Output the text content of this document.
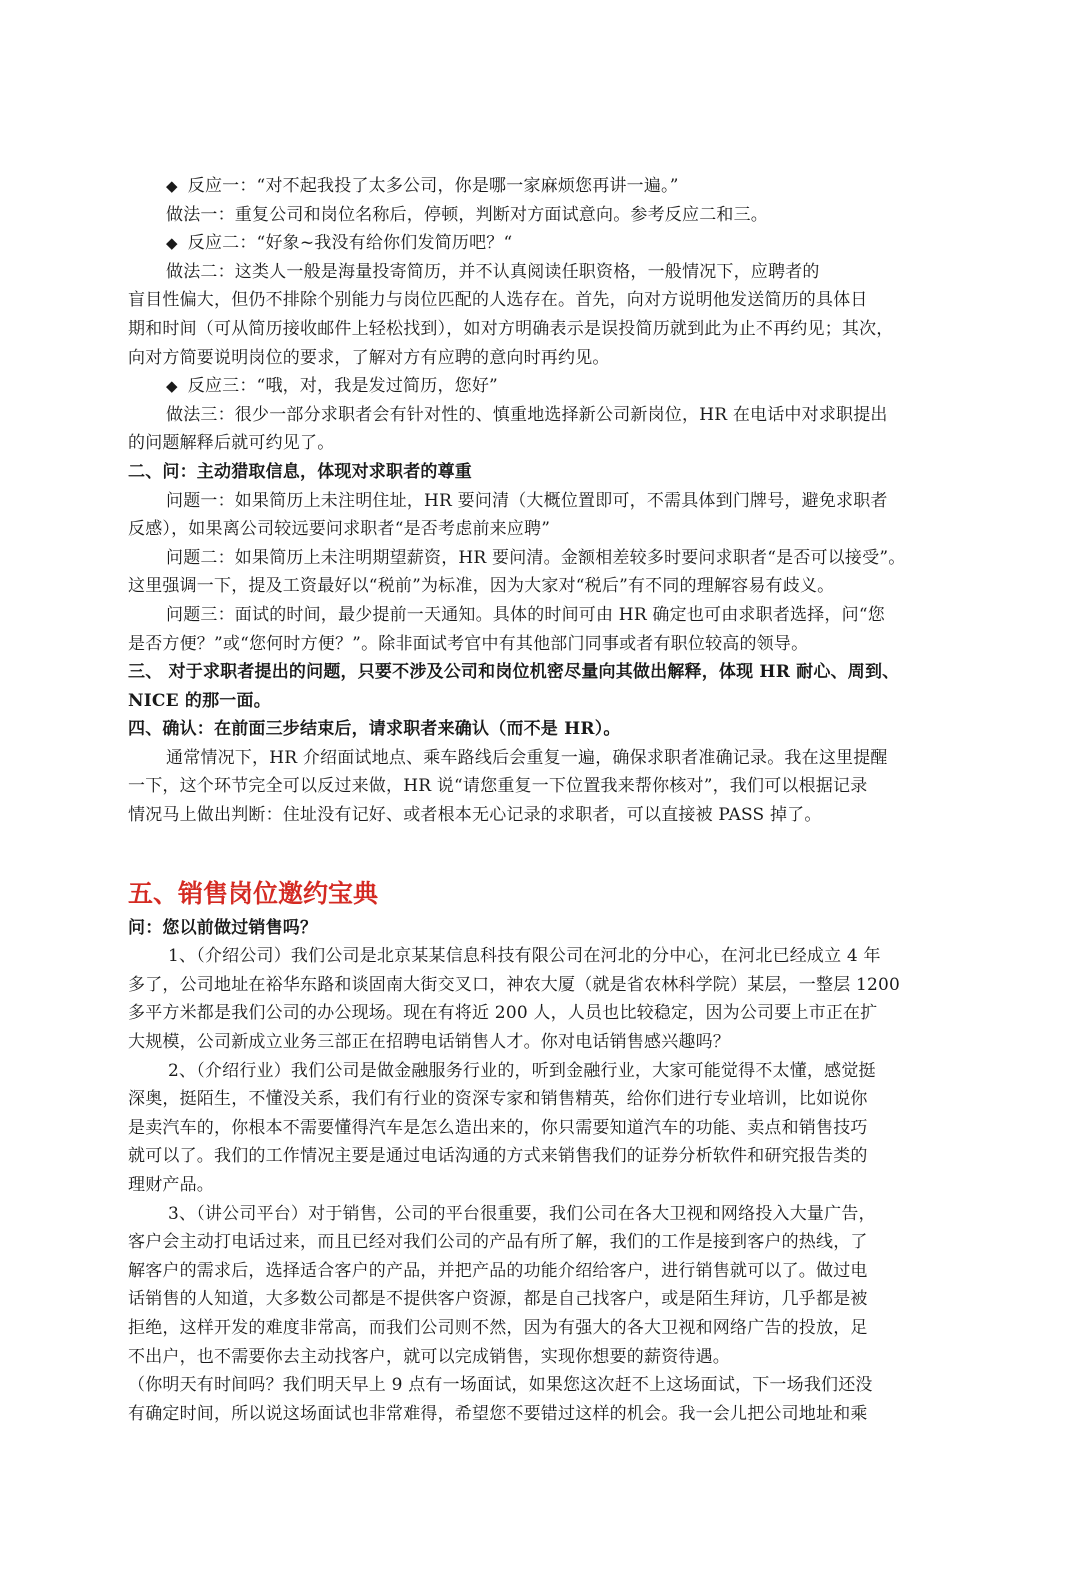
◆ 反应一：“对不起我投了太多公司，你是哪一家麻烦您再讲一遍。”
做法一：重复公司和岗位名称后，停顿，判断对方面试意向。参考反应二和三。
◆ 反应二：“好象~我没有给你们发简历吧？“
做法二：这类人一般是海量投寄简历，并不认真阅读任职资格，一般情况下，应聘者的
盲目性偏大，但仍不排除个别能力与岗位匹配的人选存在。首先，向对方说明他发送简历的具体日
期和时间（可从简历接收邮件上轻松找到），如对方明确表示是误投简历就到此为止不再约见；其次，
向对方简要说明岗位的要求，了解对方有应聘的意向时再约见。
◆ 反应三：“哦，对，我是发过简历，您好”
做法三：很少一部分求职者会有针对性的、慎重地选择新公司新岗位，HR 在电话中对求职提出
的问题解释后就可约见了。
二、问：主动猎取信息，体现对求职者的尊重
问题一：如果简历上未注明住址，HR 要问清（大概位置即可，不需具体到门牌号，避免求职者
反感），如果离公司较远要问求职者“是否考虑前来应聘”
问题二：如果简历上未注明期望薪资，HR 要问清。金额相差较多时要问求职者“是否可以接受”。
这里强调一下，提及工资最好以“税前”为标准，因为大家对“税后”有不同的理解容易有歧义。
问题三：面试的时间，最少提前一天通知。具体的时间可由 HR 确定也可由求职者选择，问“您
是否方便？”或“您何时方便？”。除非面试考官中有其他部门同事或者有职位较高的领导。
三、 对于求职者提出的问题，只要不涉及公司和岗位机密尽量向其做出解释，体现 HR 耐心、周到、
NICE 的那一面。
四、确认：在前面三步结束后，请求职者来确认（而不是 HR）。
通常情况下，HR 介绍面试地点、乘车路线后会重复一遍，确保求职者准确记录。我在这里提醒
一下，这个环节完全可以反过来做，HR 说“请您重复一下位置我来帮你核对”，我们可以根据记录
情况马上做出判断：住址没有记好、或者根本无心记录的求职者，可以直接被 PASS 掉了。
五、销售岗位邀约宝典
问：您以前做过销售吗？
1、（介绍公司）我们公司是北京某某信息科技有限公司在河北的分中心，在河北已经成立 4 年
多了，公司地址在裕华东路和谈固南大街交叉口，神农大厦（就是省农林科学院）某层，一整层 1200
多平方米都是我们公司的办公现场。现在有将近 200 人，人员也比较稳定，因为公司要上市正在扩
大规模，公司新成立业务三部正在招聘电话销售人才。你对电话销售感兴趣吗？
2、（介绍行业）我们公司是做金融服务行业的，听到金融行业，大家可能觉得不太懂，感觉挺
深奥，挺陌生，不懂没关系，我们有行业的资深专家和销售精英，给你们进行专业培训，比如说你
是卖汽车的，你根本不需要懂得汽车是怎么造出来的，你只需要知道汽车的功能、卖点和销售技巧
就可以了。我们的工作情况主要是通过电话沟通的方式来销售我们的证券分析软件和研究报告类的
理财产品。
3、（讲公司平台）对于销售，公司的平台很重要，我们公司在各大卫视和网络投入大量广告，
客户会主动打电话过来，而且已经对我们公司的产品有所了解，我们的工作是接到客户的热线，了
解客户的需求后，选择适合客户的产品，并把产品的功能介绍给客户，进行销售就可以了。做过电
话销售的人知道，大多数公司都是不提供客户资源，都是自己找客户，或是陌生拜访，几乎都是被
拒绝，这样开发的难度非常高，而我们公司则不然，因为有强大的各大卫视和网络广告的投放，足
不出户，也不需要你去主动找客户，就可以完成销售，实现你想要的薪资待遇。
（你明天有时间吗？我们明天早上 9 点有一场面试，如果您这次赶不上这场面试，下一场我们还没
有确定时间，所以说这场面试也非常难得，希望您不要错过这样的机会。我一会儿把公司地址和乘
